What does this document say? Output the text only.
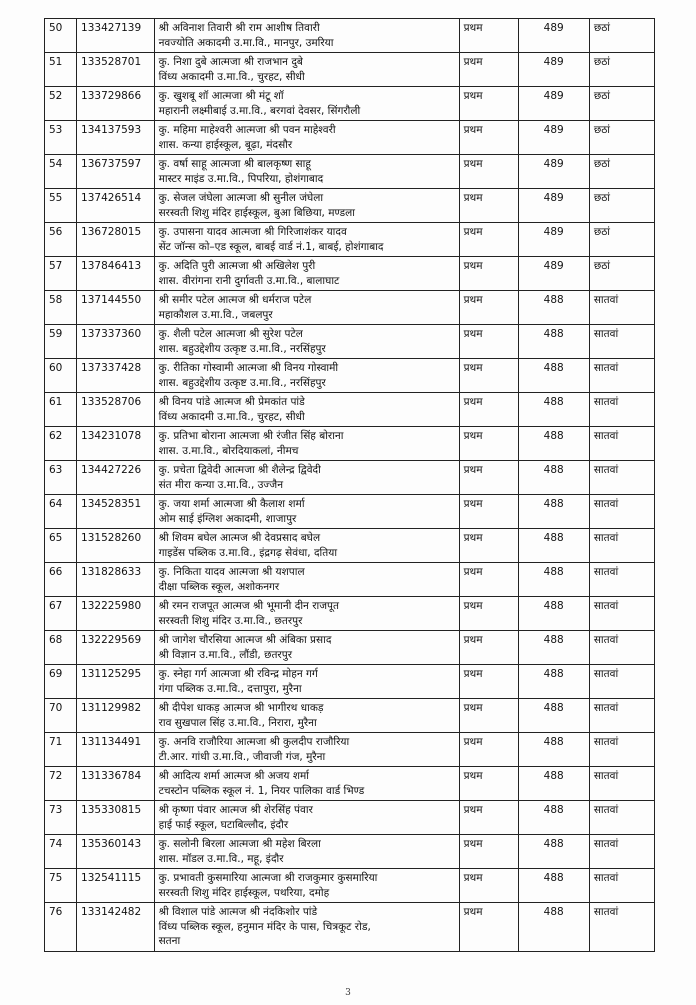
50	133427139	श्री अविनाश तिवारी श्री राम आशीष तिवारी
नवज्योति अकादमी उ.मा.वि., मानपुर, उमरिया	प्रथम	489	छठां
51	133528701	कु. निशा दुबे आत्मजा श्री राजभान दुबे
विंध्य अकादमी उ.मा.वि., चुरहट, सीधी	प्रथम	489	छठां
52	133729866	कु. खुशबू शॉ आत्मजा श्री मंटू शॉ
महारानी लक्ष्मीबाई उ.मा.वि., बरगवां देवसर, सिंगरौली	प्रथम	489	छठां
53	134137593	कु. महिमा माहेश्वरी आत्मजा श्री पवन माहेश्वरी
शास. कन्या हाईस्कूल, बूढ़ा, मंदसौर	प्रथम	489	छठां
54	136737597	कु. वर्षा साहू आत्मजा श्री बालकृष्ण साहू
मास्टर माइंड उ.मा.वि., पिपरिया, होशंगाबाद	प्रथम	489	छठां
55	137426514	कु. सेजल जंघेला आत्मजा श्री सुनील जंघेला
सरस्वती शिशु मंदिर हाईस्कूल, बुआ बिछिया, मण्डला	प्रथम	489	छठां
56	136728015	कु. उपासना यादव आत्मजा श्री गिरिजाशंकर यादव
सेंट जॉन्स को–एड स्कूल, बाबई वार्ड नं.1, बाबई, होशंगाबाद	प्रथम	489	छठां
57	137846413	कु. अदिति पुरी आत्मजा श्री अखिलेश पुरी
शास. वीरांगना रानी दुर्गावती उ.मा.वि., बालाघाट	प्रथम	489	छठां
58	137144550	श्री समीर पटेल आत्मज श्री धर्मराज पटेल
महाकौशल उ.मा.वि., जबलपुर	प्रथम	488	सातवां
59	137337360	कु. शैली पटेल आत्मजा श्री सुरेश पटेल
शास. बहुउद्देशीय उत्कृष्ट उ.मा.वि., नरसिंहपुर	प्रथम	488	सातवां
60	137337428	कु. रीतिका गोस्वामी आत्मजा श्री विनय गोस्वामी
शास. बहुउद्देशीय उत्कृष्ट उ.मा.वि., नरसिंहपुर	प्रथम	488	सातवां
61	133528706	श्री विनय पांडे आत्मज श्री प्रेमकांत पांडे
विंध्य अकादमी उ.मा.वि., चुरहट, सीधी	प्रथम	488	सातवां
62	134231078	कु. प्रतिभा बोराना आत्मजा श्री रंजीत सिंह बोराना
शास. उ.मा.वि., बोरदियाकलां, नीमच	प्रथम	488	सातवां
63	134427226	कु. प्रचेता द्विवेदी आत्मजा श्री शैलेन्द्र द्विवेदी
संत मीरा कन्या उ.मा.वि., उज्जैन	प्रथम	488	सातवां
64	134528351	कु. जया शर्मा आत्मजा श्री कैलाश शर्मा
ओम साई इंग्लिश अकादमी, शाजापुर	प्रथम	488	सातवां
65	131528260	श्री शिवम बघेल आत्मज श्री देवप्रसाद बघेल
गाइडेंस पब्लिक उ.मा.वि., इंद्रगढ़ सेवंधा, दतिया	प्रथम	488	सातवां
66	131828633	कु. निकिता यादव आत्मजा श्री यशपाल
दीक्षा पब्लिक स्कूल, अशोकनगर	प्रथम	488	सातवां
67	132225980	श्री रमन राजपूत आत्मज श्री भूमानी दीन राजपूत
सरस्वती शिशु मंदिर उ.मा.वि., छतरपुर	प्रथम	488	सातवां
68	132229569	श्री जागेश चौरसिया आत्मज श्री अंबिका प्रसाद
श्री विज्ञान उ.मा.वि., लौंडी, छतरपुर	प्रथम	488	सातवां
69	131125295	कु. स्नेहा गर्ग आत्मजा श्री रविन्द्र मोहन गर्ग
गंगा पब्लिक उ.मा.वि., दत्तापुरा, मुरैना	प्रथम	488	सातवां
70	131129982	श्री दीपेश धाकड़ आत्मज श्री भागीरथ धाकड़
राव सुखपाल सिंह उ.मा.वि., निरारा, मुरैना	प्रथम	488	सातवां
71	131134491	कु. अनवि राजौरिया आत्मजा श्री कुलदीप राजौरिया
टी.आर. गांधी उ.मा.वि., जीवाजी गंज, मुरैना	प्रथम	488	सातवां
72	131336784	श्री आदित्य शर्मा आत्मज श्री अजय शर्मा
टचस्टोन पब्लिक स्कूल नं. 1, नियर पालिका वार्ड भिण्ड	प्रथम	488	सातवां
73	135330815	श्री कृष्णा पंवार आत्मज श्री शेरसिंह पंवार
हाई फाई स्कूल, घटाबिल्लौद, इंदौर	प्रथम	488	सातवां
74	135360143	कु. सलोनी बिरला आत्मजा श्री महेश बिरला
शास. मॉडल उ.मा.वि., महू, इंदौर	प्रथम	488	सातवां
75	132541115	कु. प्रभावती कुसमारिया आत्मजा श्री राजकुमार कुसमारिया
सरस्वती शिशु मंदिर हाईस्कूल, पथरिया, दमोह	प्रथम	488	सातवां
76	133142482	श्री विशाल पांडे आत्मज श्री नंदकिशोर पांडे
विंध्य पब्लिक स्कूल, हनुमान मंदिर के पास, चित्रकूट रोड,
सतना	प्रथम	488	सातवां
3
